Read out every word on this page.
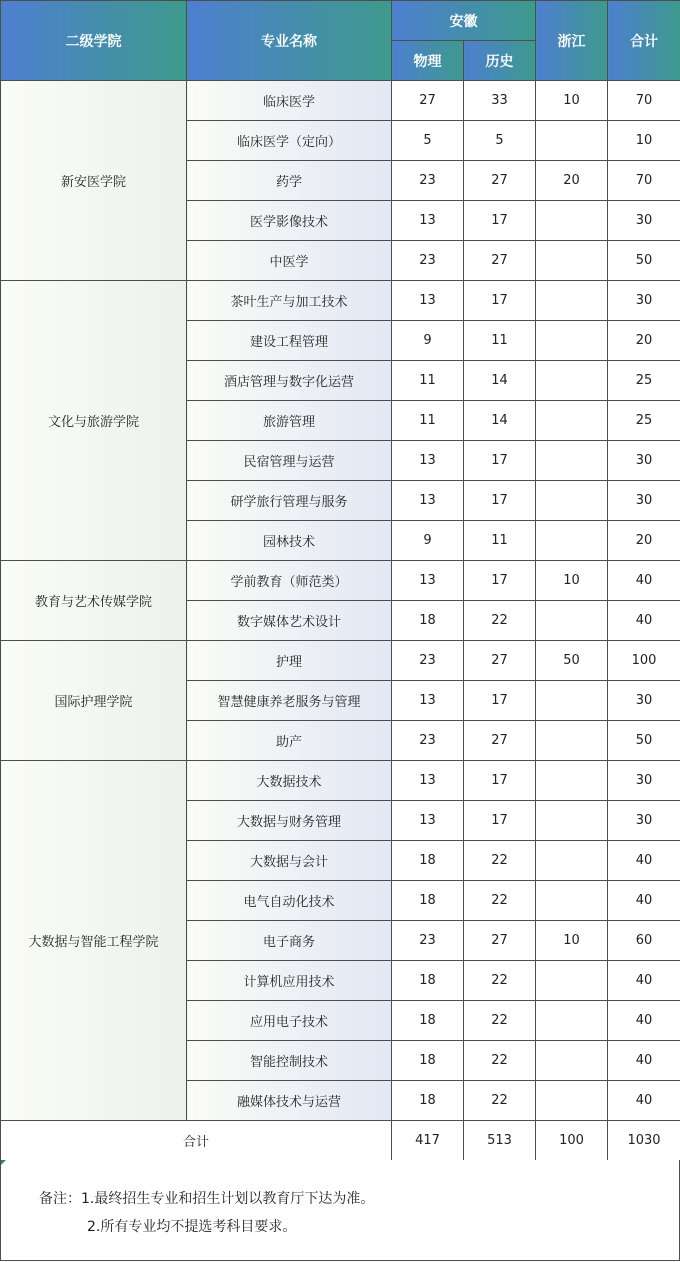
二级学院	专业名称	安徽		浙江	合计
		物理	历史		
新安医学院	临床医学	27	33	10	70
	临床医学（定向）	5	5		10
	药学	23	27	20	70
	医学影像技术	13	17		30
	中医学	23	27		50
文化与旅游学院	茶叶生产与加工技术	13	17		30
	建设工程管理	9	11		20
	酒店管理与数字化运营	11	14		25
	旅游管理	11	14		25
	民宿管理与运营	13	17		30
	研学旅行管理与服务	13	17		30
	园林技术	9	11		20
教育与艺术传媒学院	学前教育（师范类）	13	17	10	40
	数字媒体艺术设计	18	22		40
国际护理学院	护理	23	27	50	100
	智慧健康养老服务与管理	13	17		30
	助产	23	27		50
大数据与智能工程学院	大数据技术	13	17		30
	大数据与财务管理	13	17		30
	大数据与会计	18	22		40
	电气自动化技术	18	22		40
	电子商务	23	27	10	60
	计算机应用技术	18	22		40
	应用电子技术	18	22		40
	智能控制技术	18	22		40
	融媒体技术与运营	18	22		40
合计		417	513	100	1030
备注：1.最终招生专业和招生计划以教育厅下达为准。
2.所有专业均不提选考科目要求。
